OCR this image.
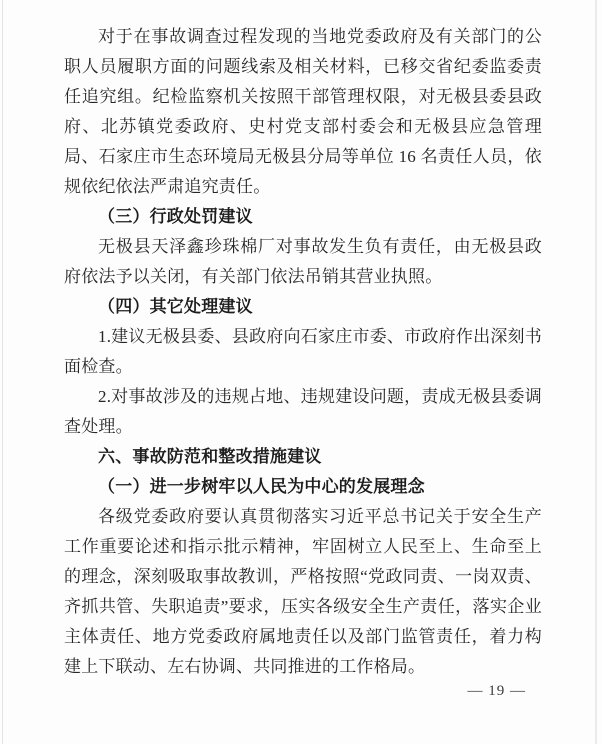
对于在事故调查过程发现的当地党委政府及有关部门的公职人员履职方面的问题线索及相关材料，已移交省纪委监委责任追究组。纪检监察机关按照干部管理权限，对无极县委县政府、北苏镇党委政府、史村党支部村委会和无极县应急管理局、石家庄市生态环境局无极县分局等单位 16 名责任人员，依规依纪依法严肃追究责任。

（三）行政处罚建议

无极县天泽鑫珍珠棉厂对事故发生负有责任，由无极县政府依法予以关闭，有关部门依法吊销其营业执照。

（四）其它处理建议

1.建议无极县委、县政府向石家庄市委、市政府作出深刻书面检查。

2.对事故涉及的违规占地、违规建设问题，责成无极县委调查处理。

六、事故防范和整改措施建议

（一）进一步树牢以人民为中心的发展理念

各级党委政府要认真贯彻落实习近平总书记关于安全生产工作重要论述和指示批示精神，牢固树立人民至上、生命至上的理念，深刻吸取事故教训，严格按照“党政同责、一岗双责、齐抓共管、失职追责”要求，压实各级安全生产责任，落实企业主体责任、地方党委政府属地责任以及部门监管责任，着力构建上下联动、左右协调、共同推进的工作格局。

— 19 —
